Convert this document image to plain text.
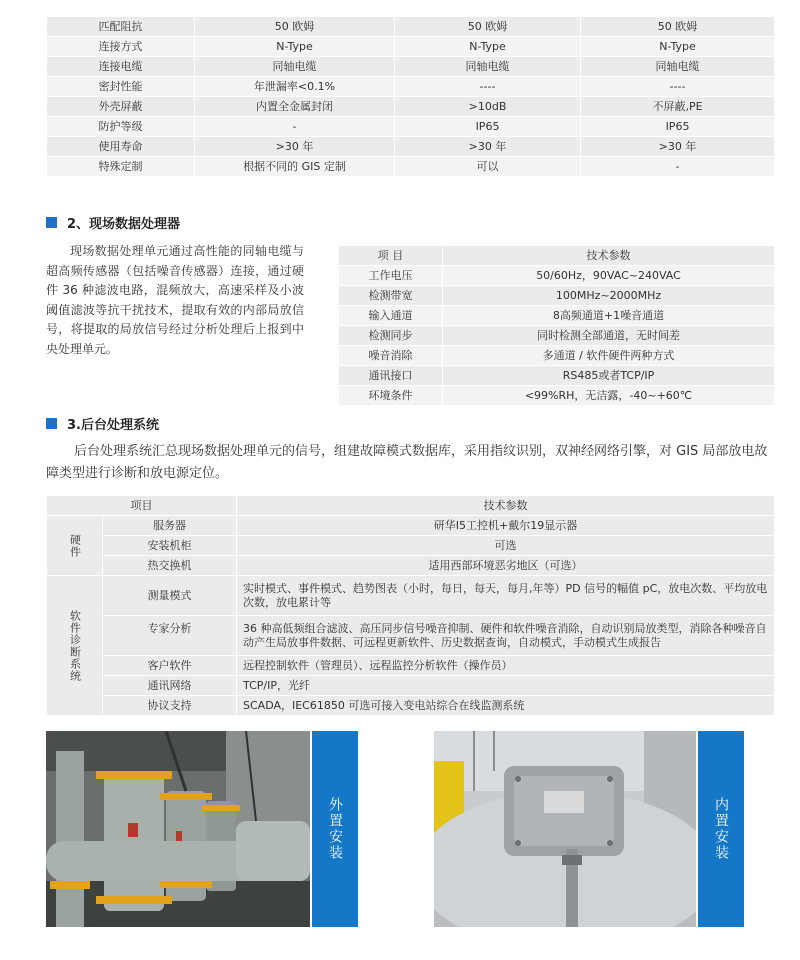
匹配阻抗	50 欧姆	50 欧姆	50 欧姆
连接方式	N-Type	N-Type	N-Type
连接电缆	同轴电缆	同轴电缆	同轴电缆
密封性能	年泄漏率<0.1%	----	----
外壳屏蔽	内置全金属封闭	>10dB	不屏蔽,PE
防护等级	-	IP65	IP65
使用寿命	>30 年	>30 年	>30 年
特殊定制	根据不同的 GIS 定制	可以	-
2、现场数据处理器

现场数据处理单元通过高性能的同轴电缆与超高频传感器（包括噪音传感器）连接，通过硬件 36 种滤波电路，混频放大，高速采样及小波阈值滤波等抗干扰技术，提取有效的内部局放信号，将提取的局放信号经过分析处理后上报到中央处理单元。

项 目	技术参数
工作电压	50/60Hz，90VAC~240VAC
检测带宽	100MHz~2000MHz
输入通道	8高频通道+1噪音通道
检测同步	同时检测全部通道，无时间差
噪音消除	多通道 / 软件硬件两种方式
通讯接口	RS485或者TCP/IP
环境条件	<99%RH，无洁露，-40~+60℃
3.后台处理系统

后台处理系统汇总现场数据处理单元的信号，组建故障模式数据库，采用指纹识别，双神经网络引擎，对 GIS 局部放电故障类型进行诊断和放电源定位。

项目		技术参数
硬件	服务器	研华I5工控机+戴尔19显示器
	安装机柜	可选
	热交换机	适用西部环境恶劣地区（可选）
软件诊断系统	测量模式	实时模式、事件模式、趋势图表（小时，每日，每天，每月,年等）PD 信号的幅值 pC，放电次数、平均放电次数，放电累计等
	专家分析	36 种高低频组合滤波、高压同步信号噪音抑制、硬件和软件噪音消除，自动识别局放类型，消除各种噪音自动产生局放事件数据、可远程更新软件、历史数据查询，自动模式，手动模式生成报告
	客户软件	远程控制软件（管理员）、远程监控分析软件（操作员）
	通讯网络	TCP/IP，光纤
	协议支持	SCADA，IEC61850 可选可接入变电站综合在线监测系统
外置安装	内置安装
